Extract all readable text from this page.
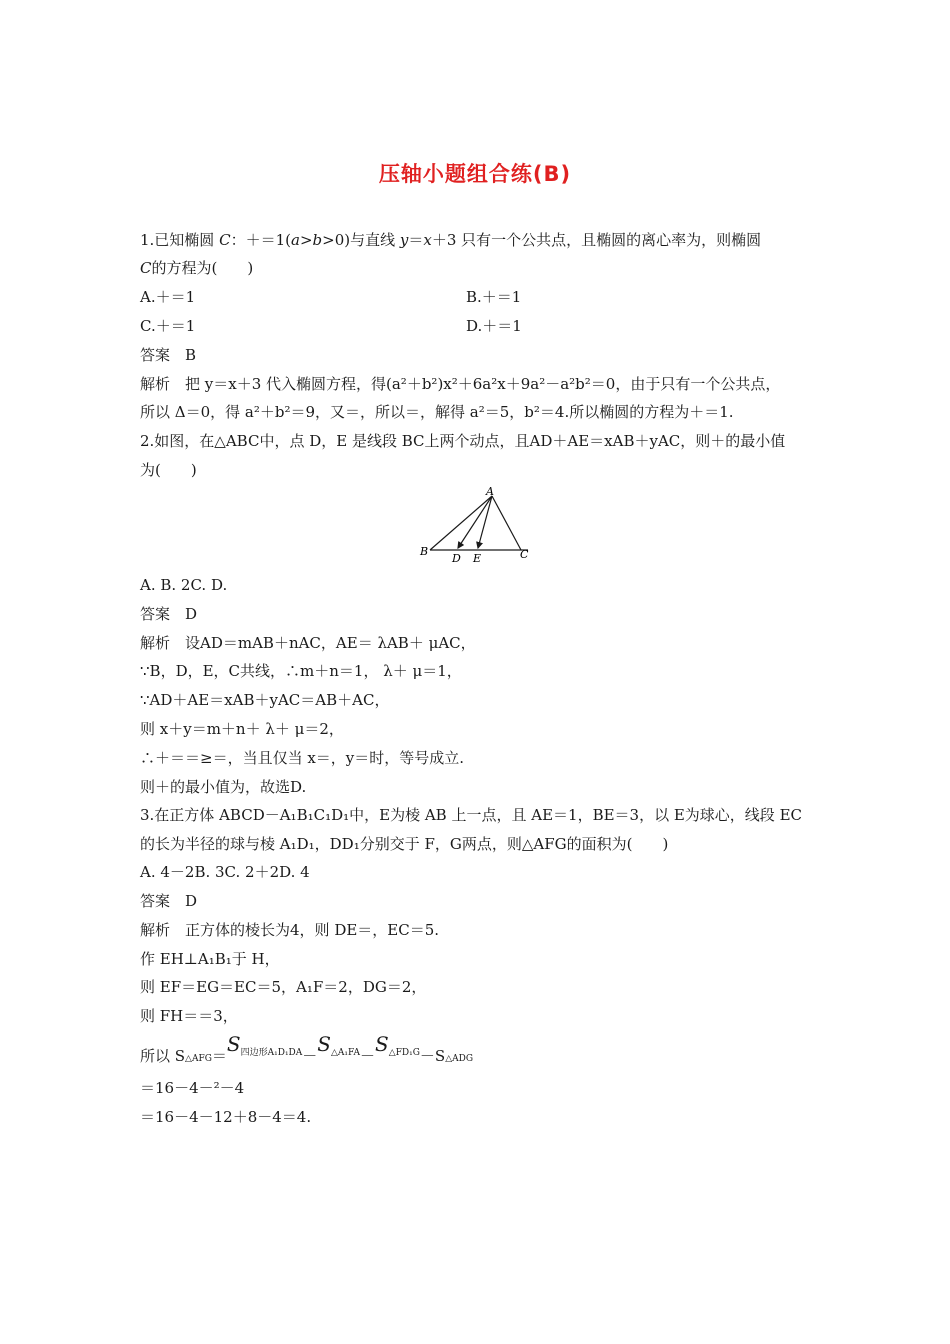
压轴小题组合练(B)
1.已知椭圆 C：＋＝1(a>b>0)与直线 y＝x＋3 只有一个公共点，且椭圆的离心率为，则椭圆
C的方程为(　　)
A.＋＝1	B.＋＝1
C.＋＝1	D.＋＝1
答案　B
解析　把 y＝x＋3 代入椭圆方程，得(a²＋b²)x²＋6a²x＋9a²－a²b²＝0，由于只有一个公共点，
所以 Δ＝0，得 a²＋b²＝9，又＝，所以＝，解得 a²＝5，b²＝4.所以椭圆的方程为＋＝1.
2.如图，在△ABC中，点 D，E 是线段 BC上两个动点，且AD＋AE＝xAB＋yAC，则＋的最小值
为(　　)
A
B	C
D E
A. B. 2C. D.
答案　D
解析　设AD＝mAB＋nAC，AE＝ λAB＋ μAC，
∵B，D，E，C共线，∴m＋n＝1， λ＋ μ＝1，
∵AD＋AE＝xAB＋yAC＝AB＋AC，
则 x＋y＝m＋n＋ λ＋ μ＝2，
∴＋＝＝≥＝，当且仅当 x＝，y＝时，等号成立.
则＋的最小值为，故选D.
3.在正方体 ABCD－A₁B₁C₁D₁中，E为棱 AB 上一点，且 AE＝1，BE＝3，以 E为球心，线段 EC
的长为半径的球与棱 A₁D₁，DD₁分别交于 F，G两点，则△AFG的面积为(　　)
A. 4－2B. 3C. 2＋2D. 4
答案　D
解析　正方体的棱长为4，则 DE＝，EC＝5.
作 EH⊥A₁B₁于 H，
则 EF＝EG＝EC＝5，A₁F＝2，DG＝2，
则 FH＝＝3，
所以 $S\triangle AFG=S^{四边形A_1D_1DA}-S^{\triangle A_1FA}-S^{\triangle FD_1G}-S\triangle ADG$
＝16－4－²－4
＝16－4－12＋8－4＝4.
